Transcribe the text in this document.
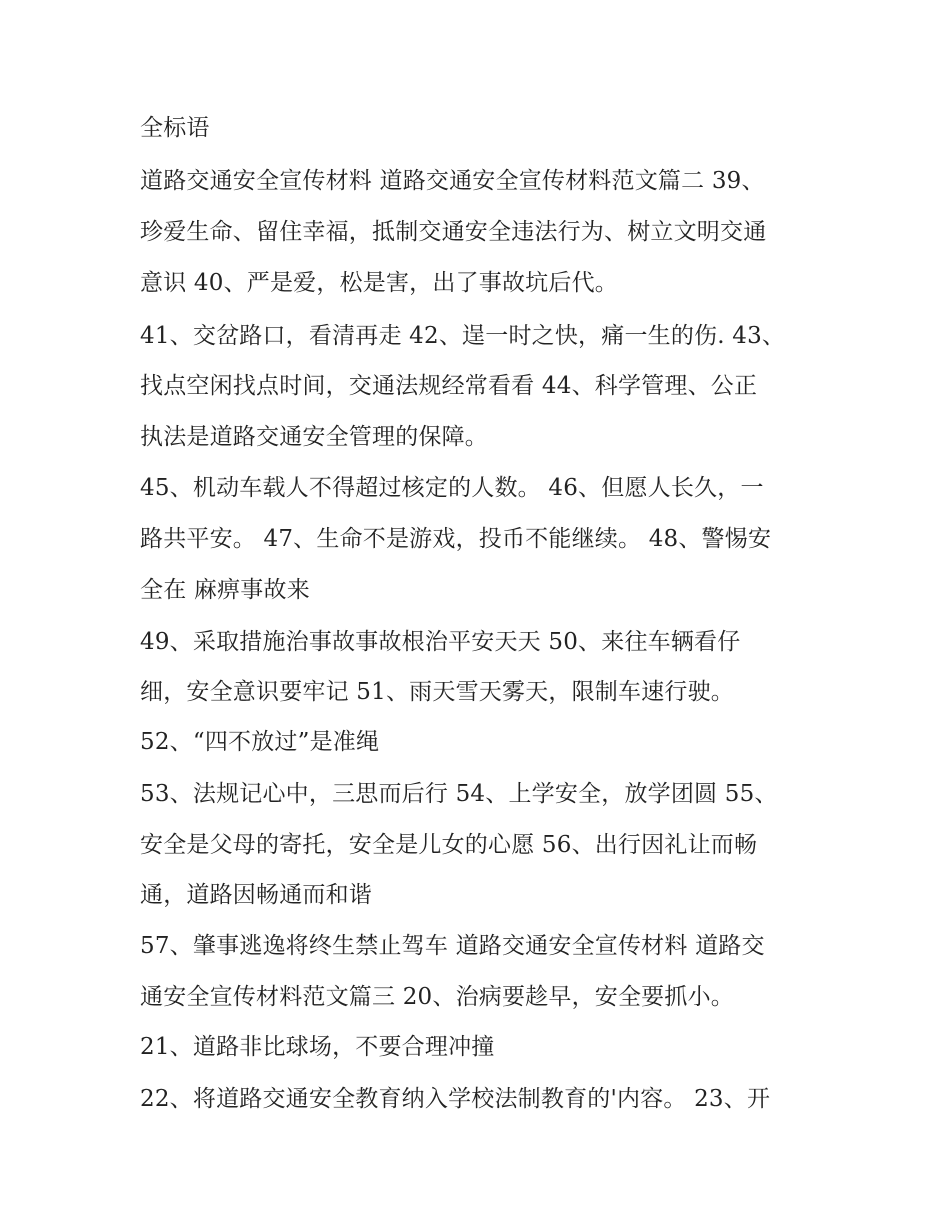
全标语
道路交通安全宣传材料 道路交通安全宣传材料范文篇二 39、
珍爱生命、留住幸福，抵制交通安全违法行为、树立文明交通
意识 40、严是爱，松是害，出了事故坑后代。
41、交岔路口，看清再走 42、逞一时之快，痛一生的伤. 43、
找点空闲找点时间，交通法规经常看看 44、科学管理、公正
执法是道路交通安全管理的保障。
45、机动车载人不得超过核定的人数。 46、但愿人长久，一
路共平安。 47、生命不是游戏，投币不能继续。 48、警惕安
全在 麻痹事故来
49、采取措施治事故事故根治平安天天 50、来往车辆看仔
细，安全意识要牢记 51、雨天雪天雾天，限制车速行驶。
52、“四不放过”是准绳
53、法规记心中，三思而后行 54、上学安全，放学团圆 55、
安全是父母的寄托，安全是儿女的心愿 56、出行因礼让而畅
通，道路因畅通而和谐
57、肇事逃逸将终生禁止驾车 道路交通安全宣传材料 道路交
通安全宣传材料范文篇三 20、治病要趁早，安全要抓小。
21、道路非比球场，不要合理冲撞
22、将道路交通安全教育纳入学校法制教育的'内容。 23、开
